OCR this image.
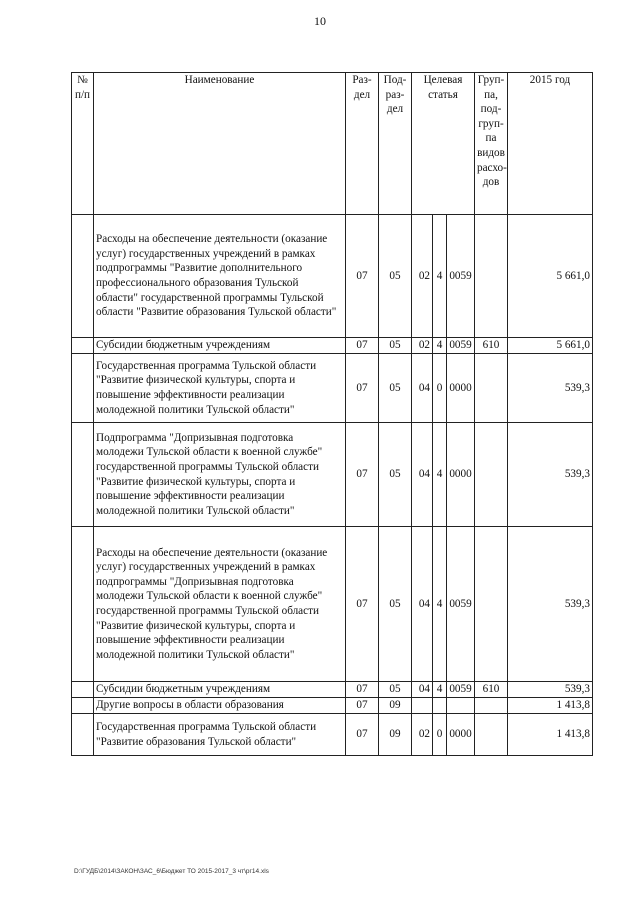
10
№ п/п	Наименование	Раз-дел	Под-раз-дел	Целевая статья			Груп-па, под-груп-па видов расхо-дов	2015 год
	Расходы на обеспечение деятельности (оказание услуг) государственных учреждений в рамках подпрограммы "Развитие дополнительного профессионального образования Тульской области" государственной программы Тульской области "Развитие образования Тульской области"	07	05	02	4	0059		5 661,0
	Субсидии бюджетным учреждениям	07	05	02	4	0059	610	5 661,0
	Государственная программа Тульской области "Развитие физической культуры, спорта и повышение эффективности реализации молодежной политики Тульской области"	07	05	04	0	0000		539,3
	Подпрограмма "Допризывная подготовка молодежи Тульской области к военной службе" государственной программы Тульской области "Развитие физической культуры, спорта и повышение эффективности реализации молодежной политики Тульской области"	07	05	04	4	0000		539,3
	Расходы на обеспечение деятельности (оказание услуг) государственных учреждений в рамках подпрограммы "Допризывная подготовка молодежи Тульской области к военной службе" государственной программы Тульской области "Развитие физической культуры, спорта и повышение эффективности реализации молодежной политики Тульской области"	07	05	04	4	0059		539,3
	Субсидии бюджетным учреждениям	07	05	04	4	0059	610	539,3
	Другие вопросы в области образования	07	09					1 413,8
	Государственная программа Тульской области "Развитие образования Тульской области"	07	09	02	0	0000		1 413,8
D:\ГУДБ\2014\ЗАКОН\ЗАС_6\Бюджет ТО 2015-2017_3 чт\рг14.xls
